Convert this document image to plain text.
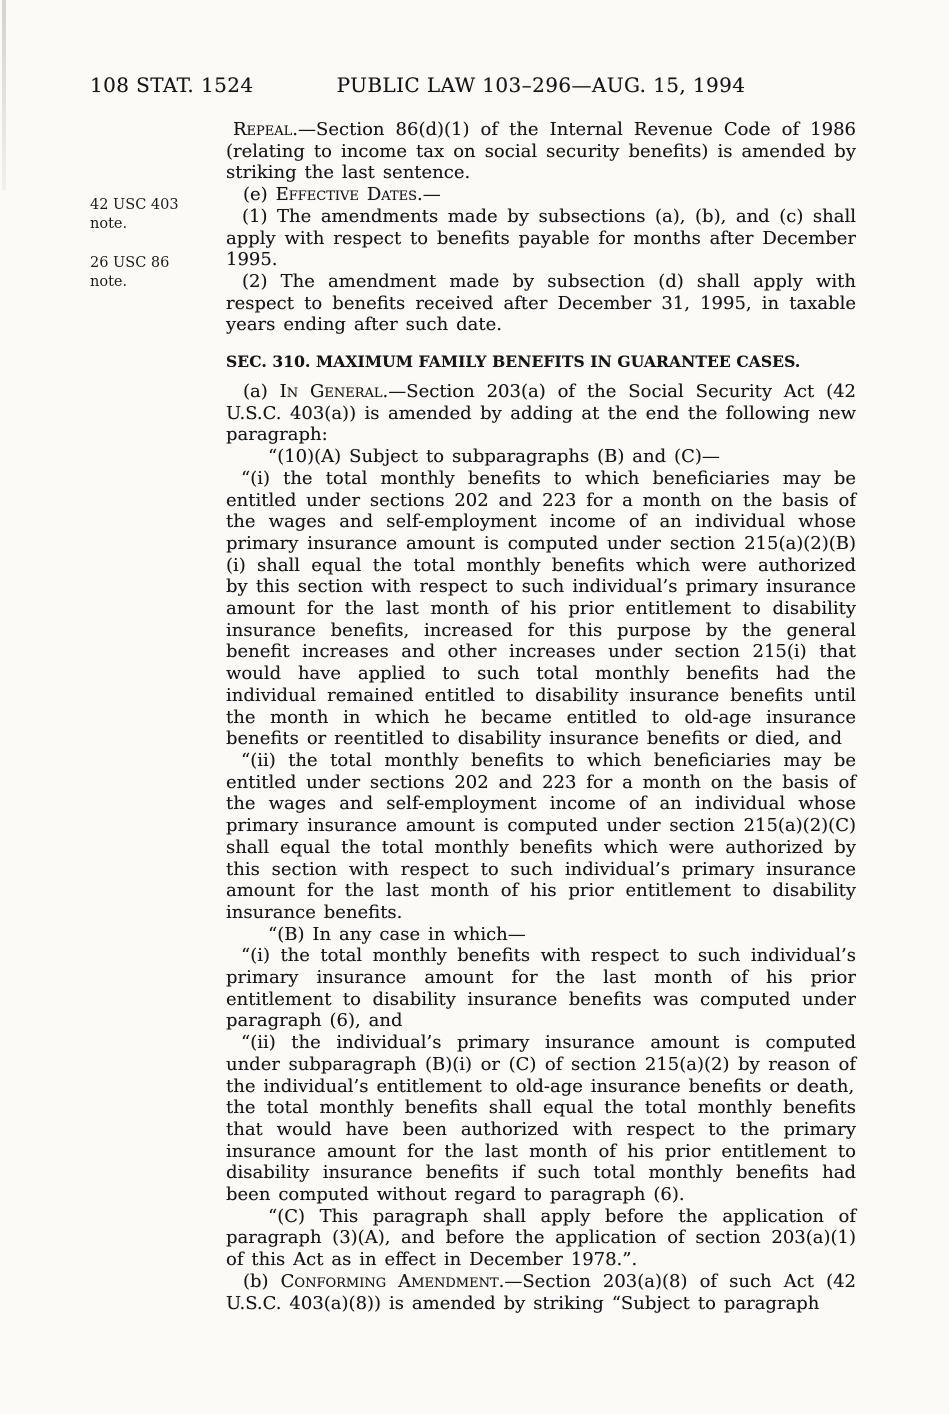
108 STAT. 1524	PUBLIC LAW 103–296—AUG. 15, 1994
42 USC 403 note.
26 USC 86 note.

Repeal.—Section 86(d)(1) of the Internal Revenue Code of 1986 (relating to income tax on social security benefits) is amended by striking the last sentence.

(e) Effective Dates.—

(1) The amendments made by subsections (a), (b), and (c) shall apply with respect to benefits payable for months after December 1995.

(2) The amendment made by subsection (d) shall apply with respect to benefits received after December 31, 1995, in taxable years ending after such date.

SEC. 310. MAXIMUM FAMILY BENEFITS IN GUARANTEE CASES.

(a) In General.—Section 203(a) of the Social Security Act (42 U.S.C. 403(a)) is amended by adding at the end the following new paragraph:

“(10)(A) Subject to subparagraphs (B) and (C)—

“(i) the total monthly benefits to which beneficiaries may be entitled under sections 202 and 223 for a month on the basis of the wages and self-employment income of an individual whose primary insurance amount is computed under section 215(a)(2)(B)(i) shall equal the total monthly benefits which were authorized by this section with respect to such individual’s primary insurance amount for the last month of his prior entitlement to disability insurance benefits, increased for this purpose by the general benefit increases and other increases under section 215(i) that would have applied to such total monthly benefits had the individual remained entitled to disability insurance benefits until the month in which he became entitled to old-age insurance benefits or reentitled to disability insurance benefits or died, and

“(ii) the total monthly benefits to which beneficiaries may be entitled under sections 202 and 223 for a month on the basis of the wages and self-employment income of an individual whose primary insurance amount is computed under section 215(a)(2)(C) shall equal the total monthly benefits which were authorized by this section with respect to such individual’s primary insurance amount for the last month of his prior entitlement to disability insurance benefits.

“(B) In any case in which—

“(i) the total monthly benefits with respect to such individual’s primary insurance amount for the last month of his prior entitlement to disability insurance benefits was computed under paragraph (6), and

“(ii) the individual’s primary insurance amount is computed under subparagraph (B)(i) or (C) of section 215(a)(2) by reason of the individual’s entitlement to old-age insurance benefits or death,

the total monthly benefits shall equal the total monthly benefits that would have been authorized with respect to the primary insurance amount for the last month of his prior entitlement to disability insurance benefits if such total monthly benefits had been computed without regard to paragraph (6).

“(C) This paragraph shall apply before the application of paragraph (3)(A), and before the application of section 203(a)(1) of this Act as in effect in December 1978.”.

(b) Conforming Amendment.—Section 203(a)(8) of such Act (42 U.S.C. 403(a)(8)) is amended by striking “Subject to paragraph
